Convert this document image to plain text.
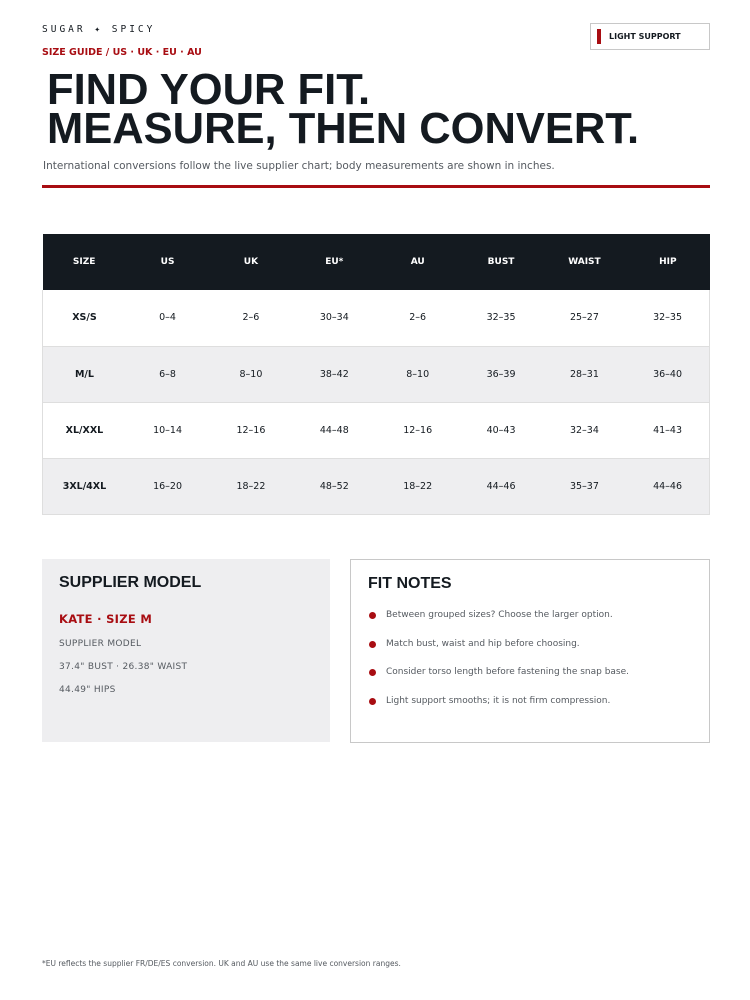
SUGAR ✦ SPICY
SIZE GUIDE / US · UK · EU · AU
LIGHT SUPPORT
FIND YOUR FIT.
MEASURE, THEN CONVERT.

International conversions follow the live supplier chart; body measurements are shown in inches.

SIZE	US	UK	EU*	AU	BUST	WAIST	HIP
XS/S	0–4	2–6	30–34	2–6	32–35	25–27	32–35
M/L	6–8	8–10	38–42	8–10	36–39	28–31	36–40
XL/XXL	10–14	12–16	44–48	12–16	40–43	32–34	41–43
3XL/4XL	16–20	18–22	48–52	18–22	44–46	35–37	44–46
SUPPLIER MODEL
KATE · SIZE M
SUPPLIER MODEL
37.4" BUST · 26.38" WAIST
44.49" HIPS
FIT NOTES
Between grouped sizes? Choose the larger option.
Match bust, waist and hip before choosing.
Consider torso length before fastening the snap base.
Light support smooths; it is not firm compression.
*EU reflects the supplier FR/DE/ES conversion. UK and AU use the same live conversion ranges.
